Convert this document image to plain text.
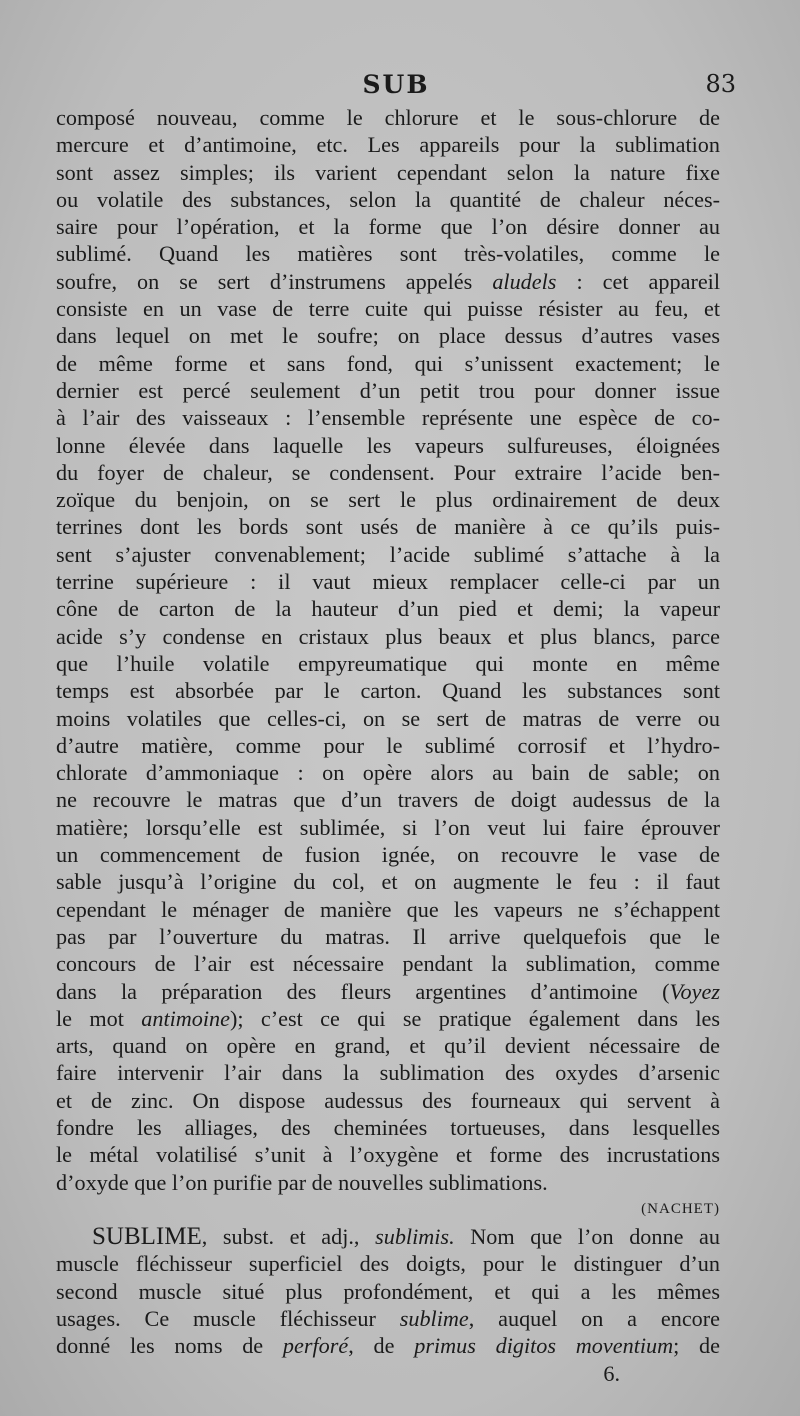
SUB	83
composé nouveau, comme le chlorure et le sous-chlorure de
mercure et d’antimoine, etc. Les appareils pour la sublimation
sont assez simples; ils varient cependant selon la nature fixe
ou volatile des substances, selon la quantité de chaleur néces-
saire pour l’opération, et la forme que l’on désire donner au
sublimé. Quand les matières sont très-volatiles, comme le
soufre, on se sert d’instrumens appelés aludels : cet appareil
consiste en un vase de terre cuite qui puisse résister au feu, et
dans lequel on met le soufre; on place dessus d’autres vases
de même forme et sans fond, qui s’unissent exactement; le
dernier est percé seulement d’un petit trou pour donner issue
à l’air des vaisseaux : l’ensemble représente une espèce de co-
lonne élevée dans laquelle les vapeurs sulfureuses, éloignées
du foyer de chaleur, se condensent. Pour extraire l’acide ben-
zoïque du benjoin, on se sert le plus ordinairement de deux
terrines dont les bords sont usés de manière à ce qu’ils puis-
sent s’ajuster convenablement; l’acide sublimé s’attache à la
terrine supérieure : il vaut mieux remplacer celle-ci par un
cône de carton de la hauteur d’un pied et demi; la vapeur
acide s’y condense en cristaux plus beaux et plus blancs, parce
que l’huile volatile empyreumatique qui monte en même
temps est absorbée par le carton. Quand les substances sont
moins volatiles que celles-ci, on se sert de matras de verre ou
d’autre matière, comme pour le sublimé corrosif et l’hydro-
chlorate d’ammoniaque : on opère alors au bain de sable; on
ne recouvre le matras que d’un travers de doigt audessus de la
matière; lorsqu’elle est sublimée, si l’on veut lui faire éprouver
un commencement de fusion ignée, on recouvre le vase de
sable jusqu’à l’origine du col, et on augmente le feu : il faut
cependant le ménager de manière que les vapeurs ne s’échappent
pas par l’ouverture du matras. Il arrive quelquefois que le
concours de l’air est nécessaire pendant la sublimation, comme
dans la préparation des fleurs argentines d’antimoine (Voyez
le mot antimoine); c’est ce qui se pratique également dans les
arts, quand on opère en grand, et qu’il devient nécessaire de
faire intervenir l’air dans la sublimation des oxydes d’arsenic
et de zinc. On dispose audessus des fourneaux qui servent à
fondre les alliages, des cheminées tortueuses, dans lesquelles
le métal volatilisé s’unit à l’oxygène et forme des incrustations
d’oxyde que l’on purifie par de nouvelles sublimations.
(NACHET)
SUBLIME, subst. et adj., sublimis. Nom que l’on donne au
muscle fléchisseur superficiel des doigts, pour le distinguer d’un
second muscle situé plus profondément, et qui a les mêmes
usages. Ce muscle fléchisseur sublime, auquel on a encore
donné les noms de perforé, de primus digitos moventium; de
6.
